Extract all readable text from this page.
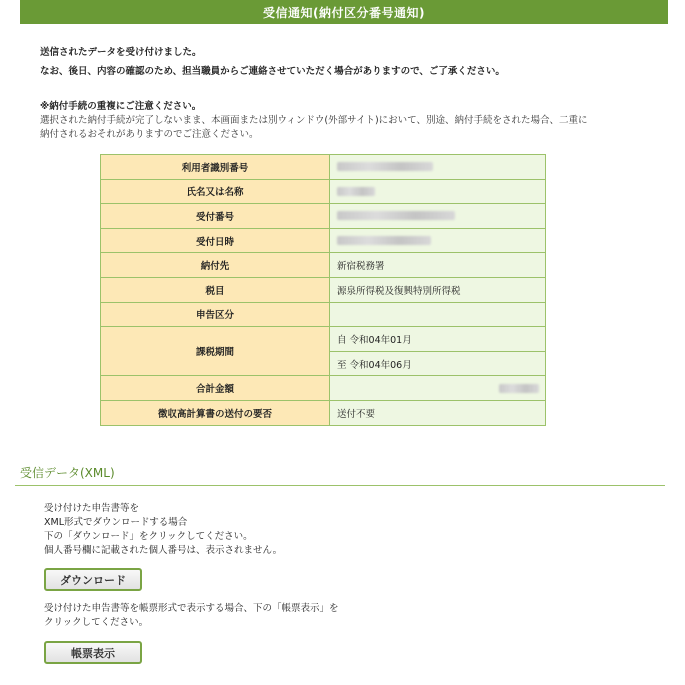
受信通知(納付区分番号通知)
送信されたデータを受け付けました。
なお、後日、内容の確認のため、担当職員からご連絡させていただく場合がありますので、ご了承ください。
※納付手続の重複にご注意ください。
選択された納付手続が完了しないまま、本画面または別ウィンドウ(外部サイト)において、別途、納付手続をされた場合、二重に
納付されるおそれがありますのでご注意ください。
利用者識別番号	
氏名又は名称	
受付番号	
受付日時	
納付先	新宿税務署
税目	源泉所得税及復興特別所得税
申告区分	
課税期間	自 令和04年01月
	至 令和04年06月
合計金額	
徴収高計算書の送付の要否	送付不要
受信データ(XML)
受け付けた申告書等を
XML形式でダウンロードする場合
下の「ダウンロード」をクリックしてください。
個人番号欄に記載された個人番号は、表示されません。
ダウンロード
受け付けた申告書等を帳票形式で表示する場合、下の「帳票表示」を
クリックしてください。
帳票表示
